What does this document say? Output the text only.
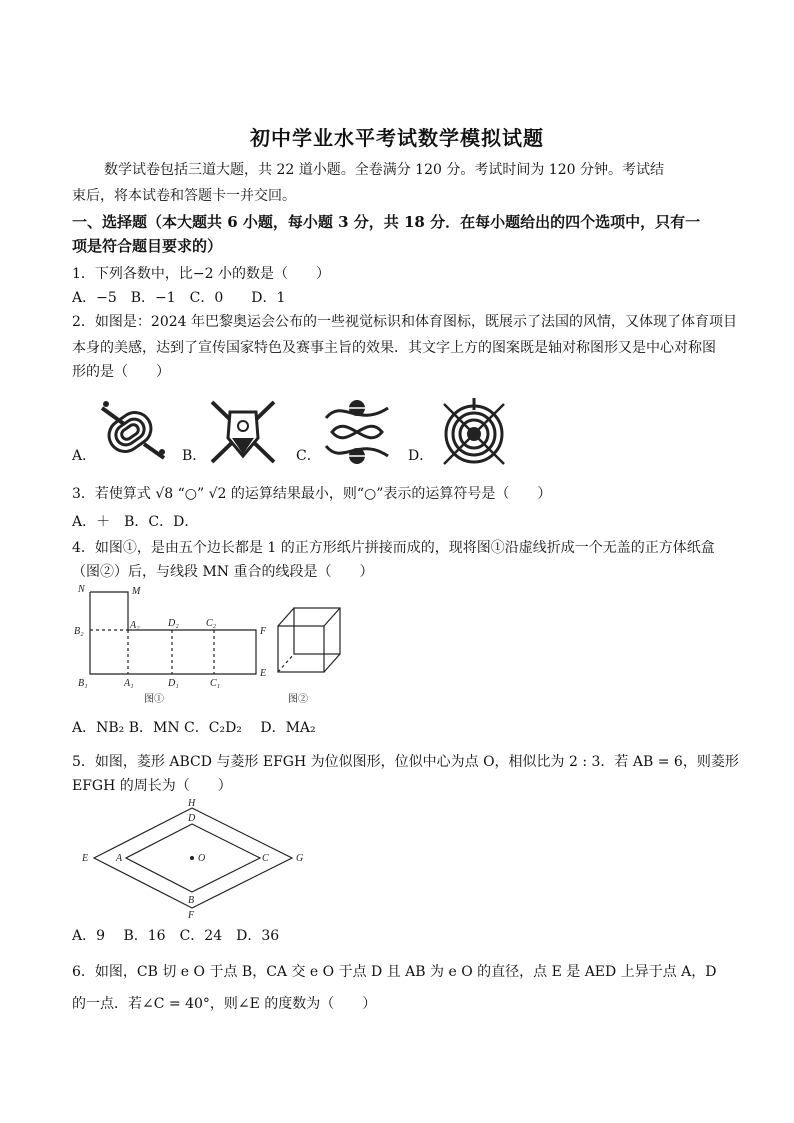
初中学业水平考试数学模拟试题
数学试卷包括三道大题，共 22 道小题。全卷满分 120 分。考试时间为 120 分钟。考试结
束后，将本试卷和答题卡一并交回。
一、选择题（本大题共 6 小题，每小题 3 分，共 18 分．在每小题给出的四个选项中，只有一
项是符合题目要求的）
1．下列各数中，比−2 小的数是（　　）
A．−5　B．−1　C．0　　D．1
2．如图是：2024 年巴黎奥运会公布的一些视觉标识和体育图标，既展示了法国的风情，又体现了体育项目
本身的美感，达到了宣传国家特色及赛事主旨的效果．其文字上方的图案既是轴对称图形又是中心对称图
形的是（　　）
A．	B．	C．	D．
3．若使算式 √8 “○” √2 的运算结果最小，则“○”表示的运算符号是（　　）
A．＋　B．C．D．
4．如图①，是由五个边长都是 1 的正方形纸片拼接而成的，现将图①沿虚线折成一个无盖的正方体纸盒
（图②）后，与线段 MN 重合的线段是（　　）
N	M
B₂
A₂	D₂	C₂
F
B₁	A₁	D₁	C₁
E
图①	图②
A．NB₂ B．MN C．C₂D₂　 D．MA₂
5．如图，菱形 ABCD 与菱形 EFGH 为位似图形，位似中心为点 O，相似比为 2 : 3．若 AB = 6，则菱形
EFGH 的周长为（　　）
H
D
E	A	O	C	G
B
F
A．9　 B．16　C．24　D．36
6．如图，CB 切 e O 于点 B，CA 交 e O 于点 D 且 AB 为 e O 的直径，点 E 是 AED 上异于点 A，D
的一点．若∠C = 40°，则∠E 的度数为（　　）
